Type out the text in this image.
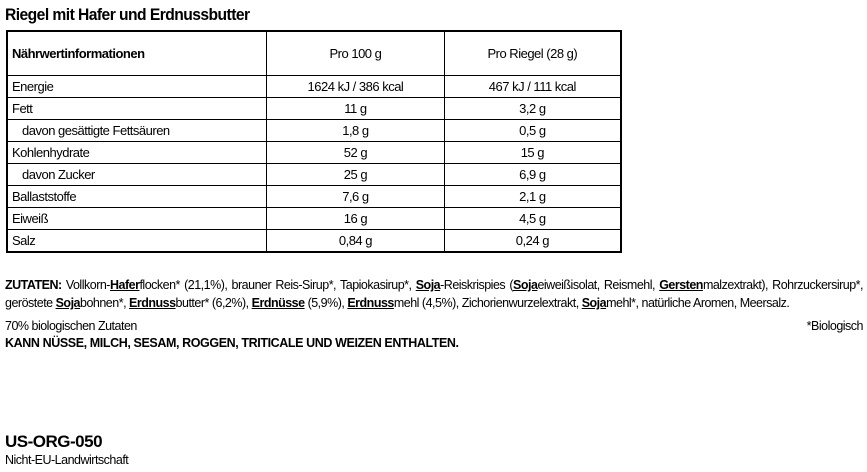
Riegel mit Hafer und Erdnussbutter
Nährwertinformationen	Pro 100 g	Pro Riegel (28 g)
Energie	1624 kJ / 386 kcal	467 kJ / 111 kcal
Fett	11 g	3,2 g
davon gesättigte Fettsäuren	1,8 g	0,5 g
Kohlenhydrate	52 g	15 g
davon Zucker	25 g	6,9 g
Ballaststoffe	7,6 g	2,1 g
Eiweiß	16 g	4,5 g
Salz	0,84 g	0,24 g
ZUTATEN: Vollkorn-Haferflocken* (21,1%), brauner Reis-Sirup*, Tapiokasirup*, Soja-Reiskrispies (Sojaeiweißisolat, Reismehl, Gerstenmalzextrakt), Rohrzuckersirup*, geröstete Sojabohnen*, Erdnussbutter* (6,2%), Erdnüsse (5,9%), Erdnussmehl (4,5%), Zichorienwurzelextrakt, Sojamehl*, natürliche Aromen, Meersalz.
70% biologischen Zutaten	*Biologisch
KANN NÜSSE, MILCH, SESAM, ROGGEN, TRITICALE UND WEIZEN ENTHALTEN.
US-ORG-050
Nicht-EU-Landwirtschaft
